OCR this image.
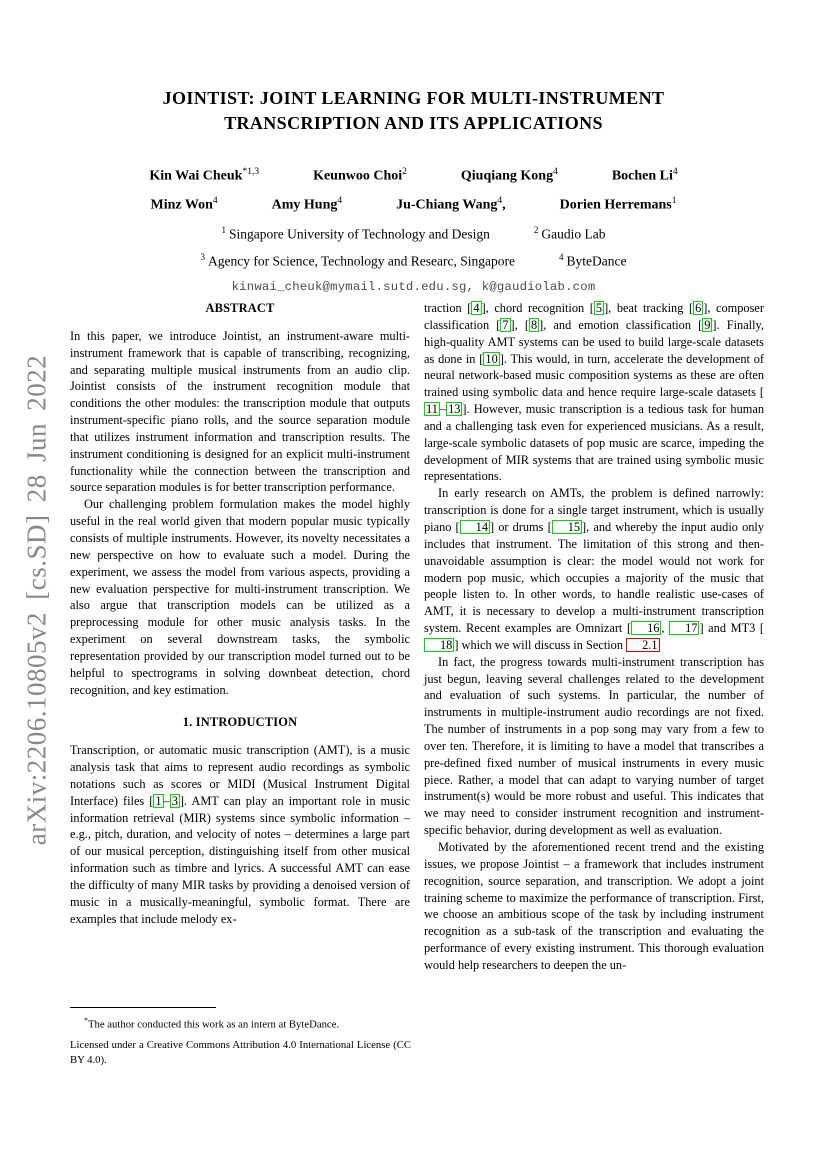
arXiv:2206.10805v2 [cs.SD] 28 Jun 2022
JOINTIST: JOINT LEARNING FOR MULTI-INSTRUMENT
TRANSCRIPTION AND ITS APPLICATIONS
Kin Wai Cheuk$^{*1,3}$	Keunwoo Choi$^2$	Qiuqiang Kong$^4$	Bochen Li$^4$
Minz Won$^4$	Amy Hung$^4$	Ju-Chiang Wang$^4$,	Dorien Herremans$^1$
$^1$ Singapore University of Technology and Design	$^2$ Gaudio Lab
$^3$ Agency for Science, Technology and Researc, Singapore	$^4$ ByteDance
kinwai_cheuk@mymail.sutd.edu.sg, k@gaudiolab.com
ABSTRACT

In this paper, we introduce Jointist, an instrument-aware multi-instrument framework that is capable of transcribing, recognizing, and separating multiple musical instruments from an audio clip. Jointist consists of the instrument recognition module that conditions the other modules: the transcription module that outputs instrument-specific piano rolls, and the source separation module that utilizes instrument information and transcription results. The instrument conditioning is designed for an explicit multi-instrument functionality while the connection between the transcription and source separation modules is for better transcription performance.

Our challenging problem formulation makes the model highly useful in the real world given that modern popular music typically consists of multiple instruments. However, its novelty necessitates a new perspective on how to evaluate such a model. During the experiment, we assess the model from various aspects, providing a new evaluation perspective for multi-instrument transcription. We also argue that transcription models can be utilized as a preprocessing module for other music analysis tasks. In the experiment on several downstream tasks, the symbolic representation provided by our transcription model turned out to be helpful to spectrograms in solving downbeat detection, chord recognition, and key estimation.

1. INTRODUCTION

Transcription, or automatic music transcription (AMT), is a music analysis task that aims to represent audio recordings as symbolic notations such as scores or MIDI (Musical Instrument Digital Interface) files [ 1 – 3 ]. AMT can play an important role in music information retrieval (MIR) systems since symbolic information – e.g., pitch, duration, and velocity of notes – determines a large part of our musical perception, distinguishing itself from other musical information such as timbre and lyrics. A successful AMT can ease the difficulty of many MIR tasks by providing a denoised version of music in a musically-meaningful, symbolic format. There are examples that include melody ex-

*The author conducted this work as an intern at ByteDance.

Licensed under a Creative Commons Attribution 4.0 International License (CC BY 4.0).

traction [ 4 ], chord recognition [ 5 ], beat tracking [ 6 ], composer classification [ 7 ], [ 8 ], and emotion classification [ 9 ]. Finally, high-quality AMT systems can be used to build large-scale datasets as done in [ 10 ]. This would, in turn, accelerate the development of neural network-based music composition systems as these are often trained using symbolic data and hence require large-scale datasets [11 – 13 ]. However, music transcription is a tedious task for human and a challenging task even for experienced musicians. As a result, large-scale symbolic datasets of pop music are scarce, impeding the development of MIR systems that are trained using symbolic music representations.

In early research on AMTs, the problem is defined narrowly: transcription is done for a single target instrument, which is usually piano [ 14 ] or drums [ 15 ], and whereby the input audio only includes that instrument. The limitation of this strong and then-unavoidable assumption is clear: the model would not work for modern pop music, which occupies a majority of the music that people listen to. In other words, to handle realistic use-cases of AMT, it is necessary to develop a multi-instrument transcription system. Recent examples are Omnizart [ 16 , 17 ] and MT3 [18 ] which we will discuss in Section 2.1

In fact, the progress towards multi-instrument transcription has just begun, leaving several challenges related to the development and evaluation of such systems. In particular, the number of instruments in multiple-instrument audio recordings are not fixed. The number of instruments in a pop song may vary from a few to over ten. Therefore, it is limiting to have a model that transcribes a pre-defined fixed number of musical instruments in every music piece. Rather, a model that can adapt to varying number of target instrument(s) would be more robust and useful. This indicates that we may need to consider instrument recognition and instrument-specific behavior, during development as well as evaluation.

Motivated by the aforementioned recent trend and the existing issues, we propose Jointist – a framework that includes instrument recognition, source separation, and transcription. We adopt a joint training scheme to maximize the performance of transcription. First, we choose an ambitious scope of the task by including instrument recognition as a sub-task of the transcription and evaluating the performance of every existing instrument. This thorough evaluation would help researchers to deepen the un-
